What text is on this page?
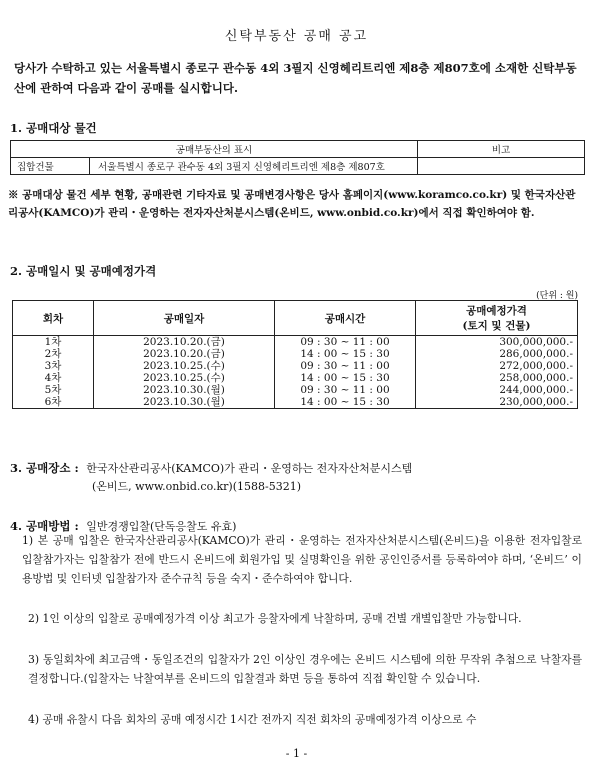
신탁부동산 공매 공고
당사가 수탁하고 있는 서울특별시 종로구 관수동 4외 3필지 신영헤리트리엔 제8층 제807호에 소재한 신탁부동산에 관하여 다음과 같이 공매를 실시합니다.
1. 공매대상 물건
공매부동산의 표시		비고
집합건물	서울특별시 종로구 관수동 4외 3필지 신영헤리트리엔 제8층 제807호	
※ 공매대상 물건 세부 현황, 공매관련 기타자료 및 공매변경사항은 당사 홈페이지(www.koramco.co.kr) 및 한국자산관리공사(KAMCO)가 관리・운영하는 전자자산처분시스템(온비드, www.onbid.co.kr)에서 직접 확인하여야 함.
2. 공매일시 및 공매예정가격
(단위 : 원)
회차	공매일자	공매시간	공매예정가격
(토지 및 건물)

1차	2023.10.20.(금)	09 : 30 ~ 11 : 00	300,000,000.-
2차	2023.10.20.(금)	14 : 00 ~ 15 : 30	286,000,000.-
3차	2023.10.25.(수)	09 : 30 ~ 11 : 00	272,000,000.-
4차	2023.10.25.(수)	14 : 00 ~ 15 : 30	258,000,000.-
5차	2023.10.30.(월)	09 : 30 ~ 11 : 00	244,000,000.-
6차	2023.10.30.(월)	14 : 00 ~ 15 : 30	230,000,000.-
3. 공매장소 : 한국자산관리공사(KAMCO)가 관리・운영하는 전자자산처분시스템
(온비드, www.onbid.co.kr)(1588-5321)
4. 공매방법 : 일반경쟁입찰(단독응찰도 유효)
1) 본 공매 입찰은 한국자산관리공사(KAMCO)가 관리・운영하는 전자자산처분시스템(온비드)을 이용한 전자입찰로 입찰참가자는 입찰참가 전에 반드시 온비드에 회원가입 및 실명확인을 위한 공인인증서를 등록하여야 하며, ‘온비드’ 이용방법 및 인터넷 입찰참가자 준수규칙 등을 숙지・준수하여야 합니다.
2) 1인 이상의 입찰로 공매예정가격 이상 최고가 응찰자에게 낙찰하며, 공매 건별 개별입찰만 가능합니다.
3) 동일회차에 최고금액・동일조건의 입찰자가 2인 이상인 경우에는 온비드 시스템에 의한 무작위 추첨으로 낙찰자를 결정합니다.(입찰자는 낙찰여부를 온비드의 입찰결과 화면 등을 통하여 직접 확인할 수 있습니다.
4) 공매 유찰시 다음 회차의 공매 예정시간 1시간 전까지 직전 회차의 공매예정가격 이상으로 수
- 1 -
